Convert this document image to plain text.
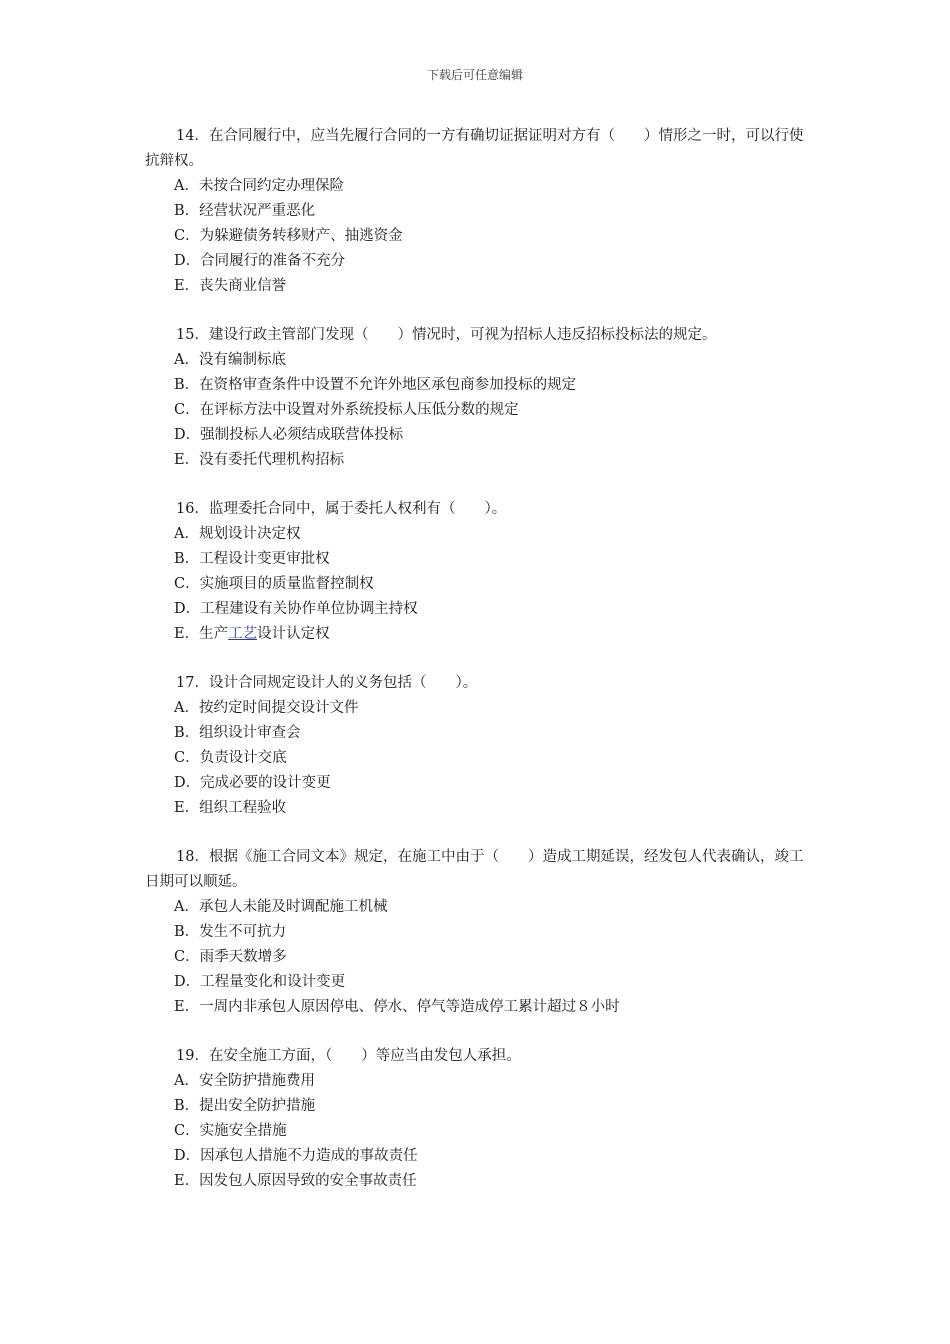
下载后可任意编辑

14．在合同履行中，应当先履行合同的一方有确切证据证明对方有（　　）情形之一时，可以行使抗辩权。

A．未按合同约定办理保险

B．经营状况严重恶化

C．为躲避债务转移财产、抽逃资金

D．合同履行的准备不充分

E．丧失商业信誉

15．建设行政主管部门发现（　　）情况时，可视为招标人违反招标投标法的规定。

A．没有编制标底

B．在资格审查条件中设置不允许外地区承包商参加投标的规定

C．在评标方法中设置对外系统投标人压低分数的规定

D．强制投标人必须结成联营体投标

E．没有委托代理机构招标

16．监理委托合同中，属于委托人权利有（　　）。

A．规划设计决定权

B．工程设计变更审批权

C．实施项目的质量监督控制权

D．工程建设有关协作单位协调主持权

E．生产工艺设计认定权

17．设计合同规定设计人的义务包括（　　）。

A．按约定时间提交设计文件

B．组织设计审查会

C．负责设计交底

D．完成必要的设计变更

E．组织工程验收

18．根据《施工合同文本》规定，在施工中由于（　　）造成工期延误，经发包人代表确认，竣工日期可以顺延。

A．承包人未能及时调配施工机械

B．发生不可抗力

C．雨季天数增多

D．工程量变化和设计变更

E．一周内非承包人原因停电、停水、停气等造成停工累计超过８小时

19．在安全施工方面，（　　）等应当由发包人承担。

A．安全防护措施费用

B．提出安全防护措施

C．实施安全措施

D．因承包人措施不力造成的事故责任

E．因发包人原因导致的安全事故责任
